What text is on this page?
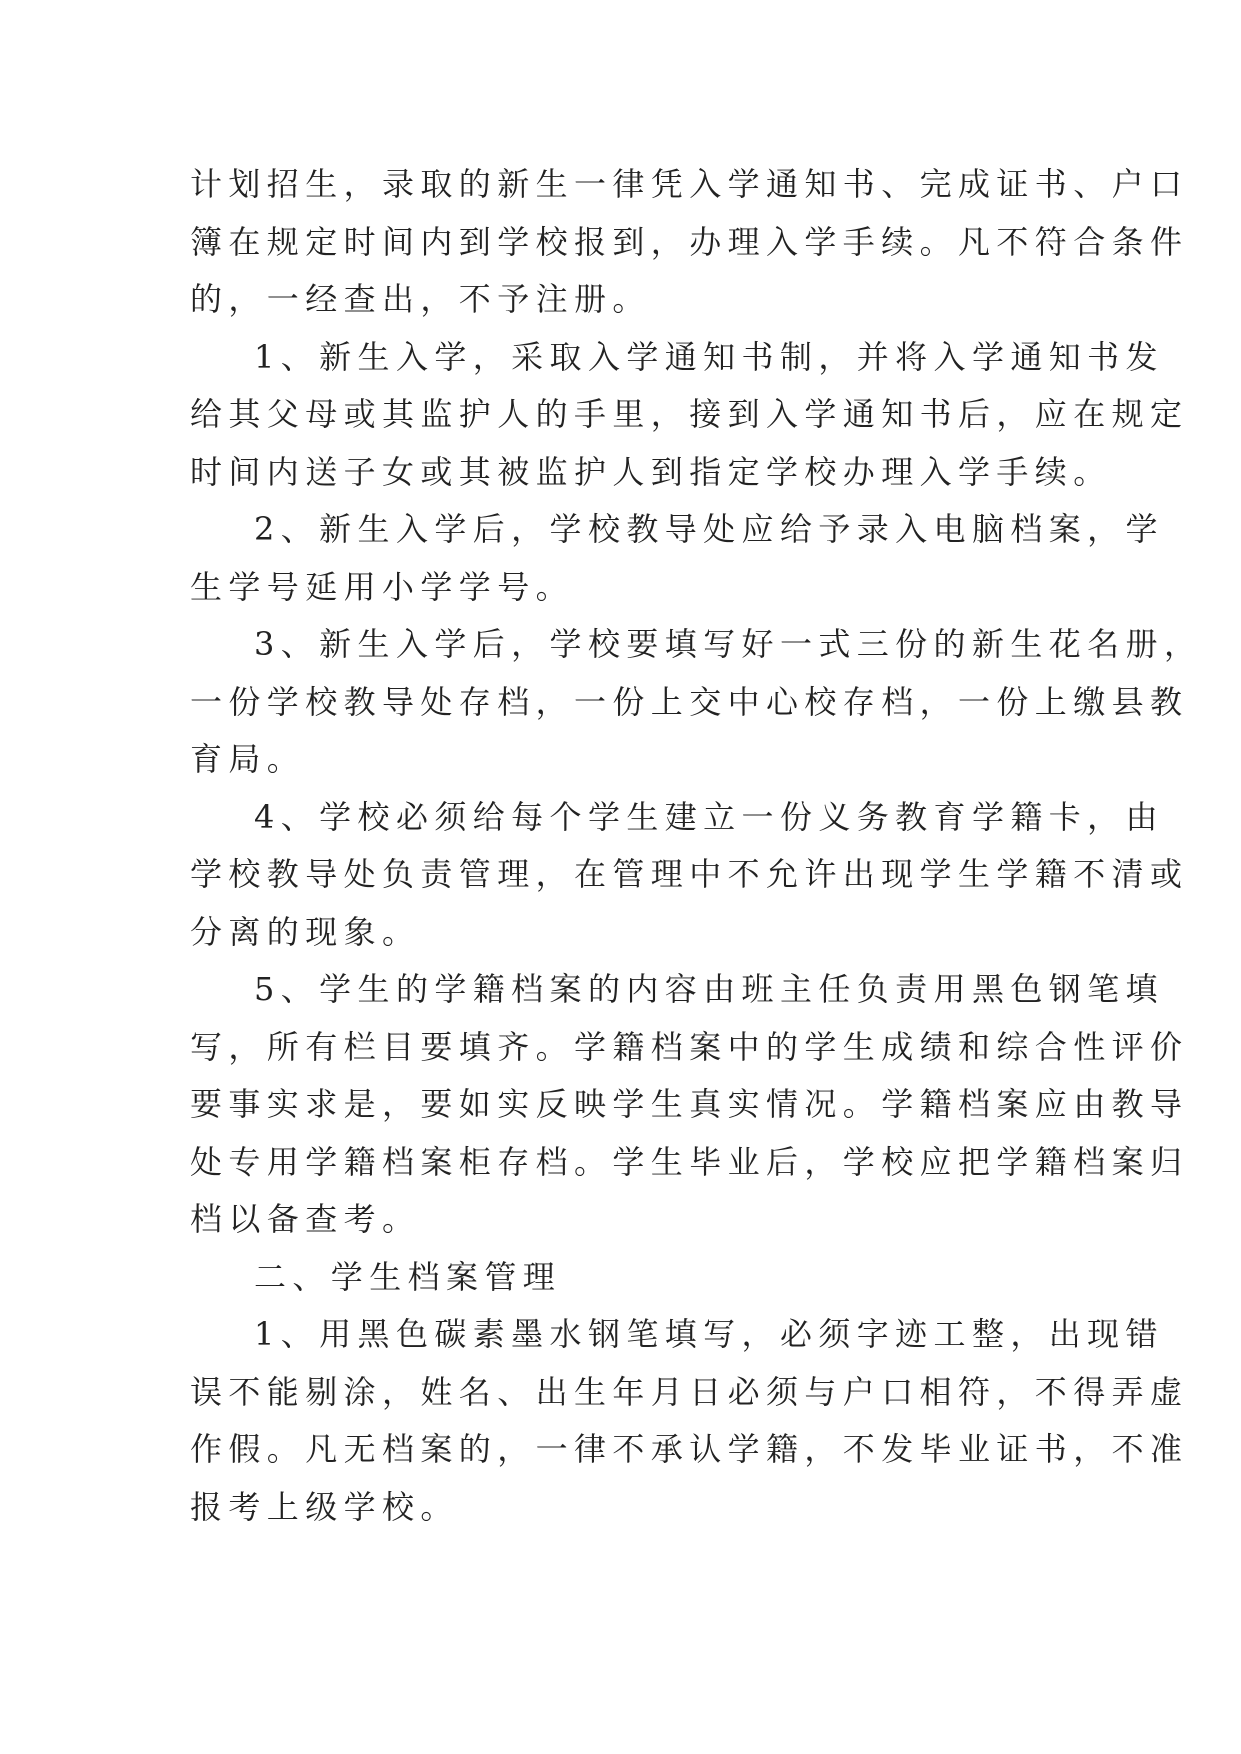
计划招生，录取的新生一律凭入学通知书、完成证书、户口
簿在规定时间内到学校报到，办理入学手续。凡不符合条件
的，一经查出，不予注册。
1、新生入学，采取入学通知书制，并将入学通知书发
给其父母或其监护人的手里，接到入学通知书后，应在规定
时间内送子女或其被监护人到指定学校办理入学手续。
2、新生入学后，学校教导处应给予录入电脑档案，学
生学号延用小学学号。
3、新生入学后，学校要填写好一式三份的新生花名册，
一份学校教导处存档，一份上交中心校存档，一份上缴县教
育局。
4、学校必须给每个学生建立一份义务教育学籍卡，由
学校教导处负责管理，在管理中不允许出现学生学籍不清或
分离的现象。
5、学生的学籍档案的内容由班主任负责用黑色钢笔填
写，所有栏目要填齐。学籍档案中的学生成绩和综合性评价
要事实求是，要如实反映学生真实情况。学籍档案应由教导
处专用学籍档案柜存档。学生毕业后，学校应把学籍档案归
档以备查考。
二、学生档案管理
1、用黑色碳素墨水钢笔填写，必须字迹工整，出现错
误不能剔涂，姓名、出生年月日必须与户口相符，不得弄虚
作假。凡无档案的，一律不承认学籍，不发毕业证书，不准
报考上级学校。
